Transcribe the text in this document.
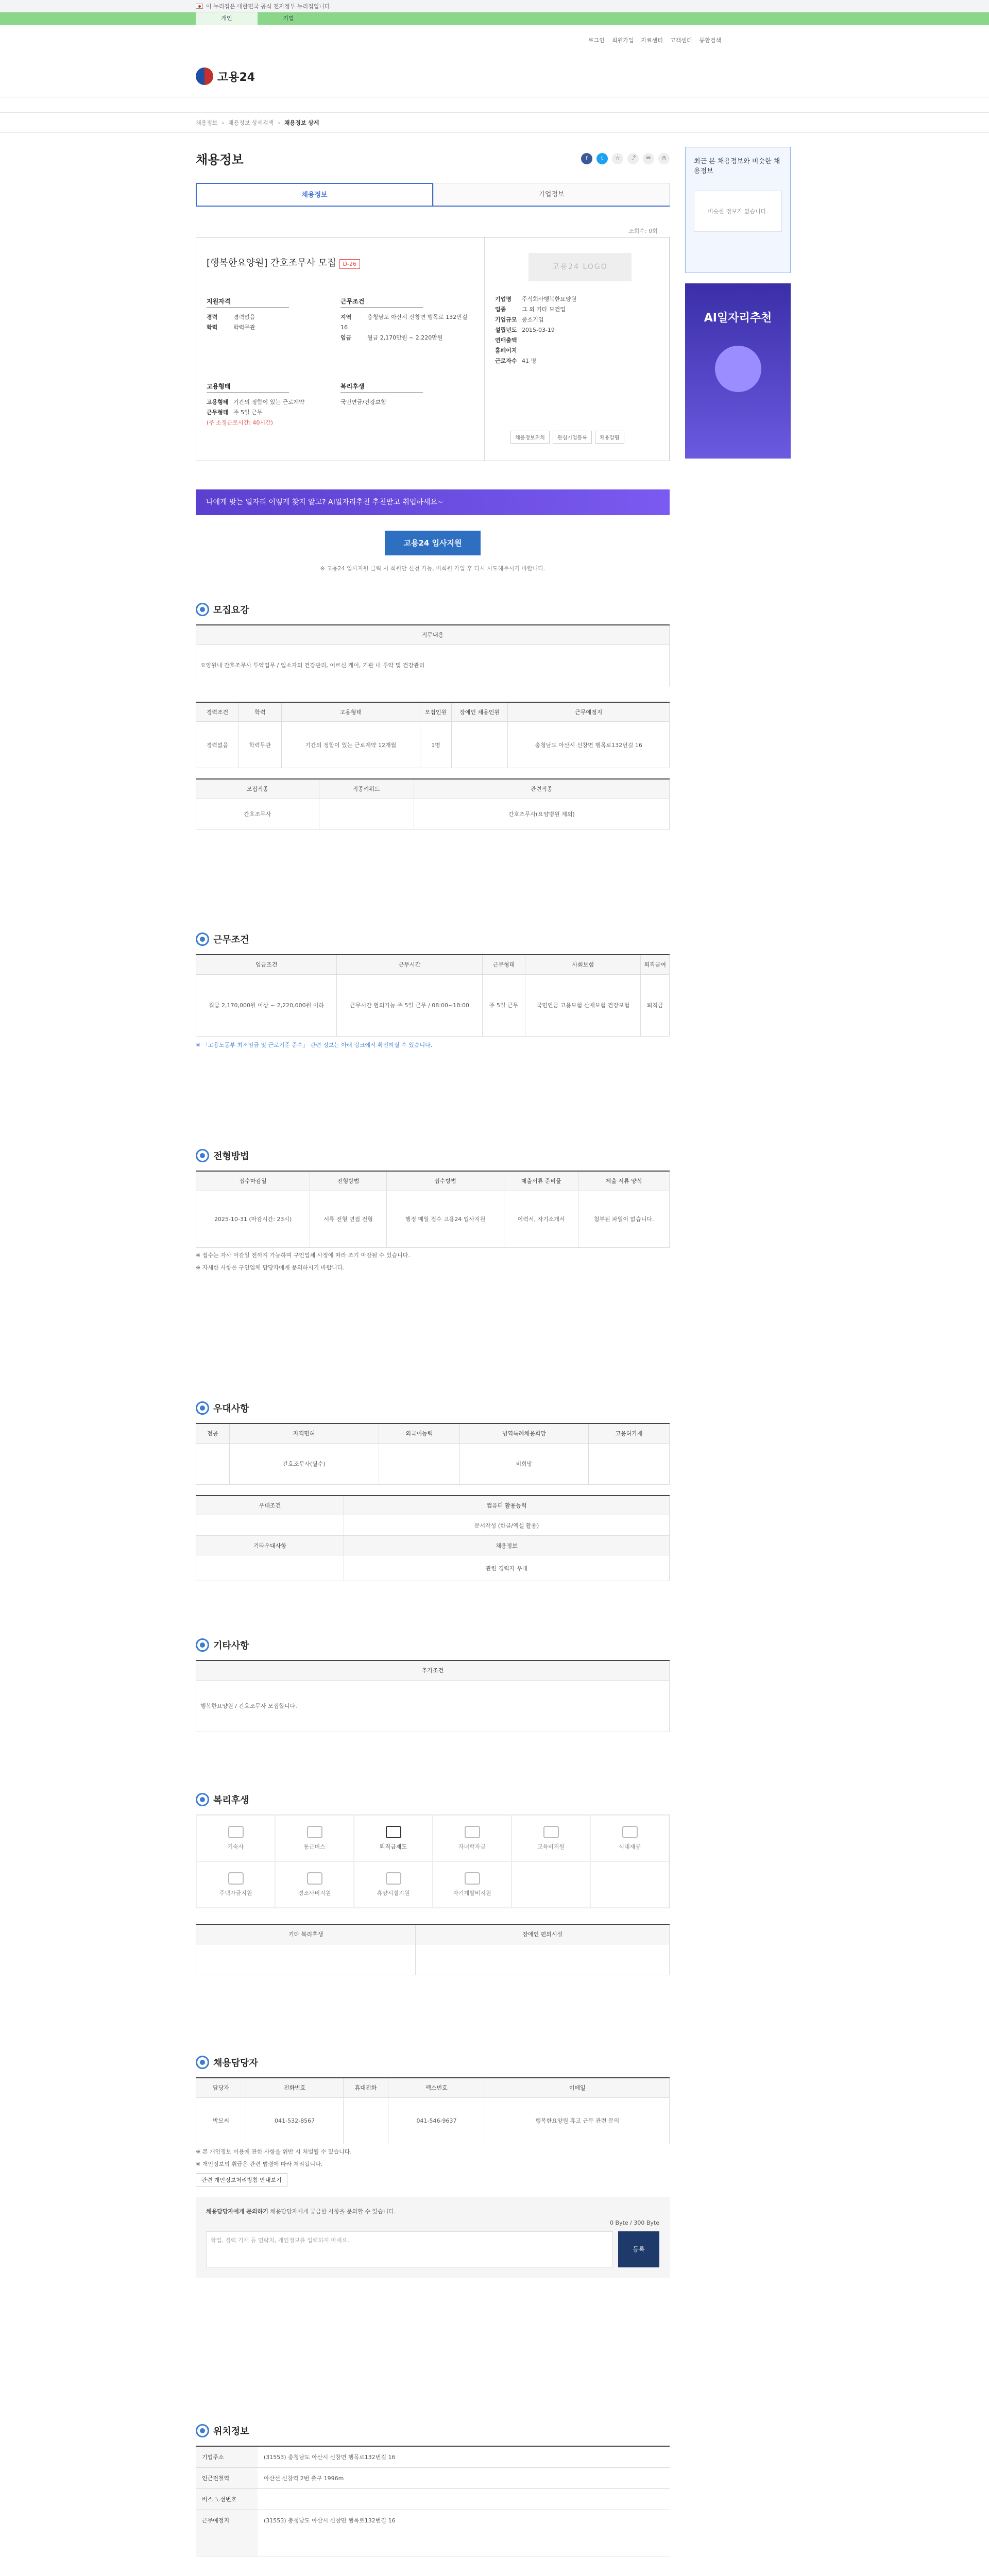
이 누리집은 대한민국 공식 전자정부 누리집입니다.
개인	기업
로그인 회원가입 자료센터 고객센터 통합검색
고용24
채용정보 › 채용정보 상세검색 › 채용정보 상세
채용정보	f	t	☆	⤴	✉	⎙
채용정보	기업정보
조회수: 0회
[행복한요양원] 간호조무사 모집 D-26
지원자격
경력	경력없음
학력	학력무관
근무조건
지역	충청남도 아산시 신창면 행목로 132번길 16
임금	월급 2,170만원 ~ 2,220만원
고용형태
고용형태 기간의 정함이 있는 근로계약
근무형태 주 5일 근무
(주 소정근로시간: 40시간)
복리후생
국민연금/건강보험
고용24 LOGO
기업명 주식회사행복한요양원
업종	그 외 기타 보건업
기업규모 중소기업
설립년도 2015-03-19
연매출액
홈페이지
근로자수 41 명
채용정보위치	관심기업등록	채용알림
나에게 맞는 일자리 어떻게 찾지 알고? AI일자리추천 추천받고 취업하세요~
고용24 입사지원
※ 고용24 입사지원 클릭 시 회원만 신청 가능, 비회원 가입 후 다시 시도해주시기 바랍니다.
최근 본 채용정보와 비슷한 채용정보
비슷한 정보가 없습니다.
AI일자리추천
모집요강
직무내용
요양원내 간호조무사 투약업무 / 입소자의 건강관리, 어르신 케어, 기관 내 투약 및 건강관리
경력조건	학력	고용형태	모집인원	장애인 채용인원	근무예정지
경력없음	학력무관	기간의 정함이 있는 근로계약 12개월	1명		충청남도 아산시 신창면 행목로132번길 16
모집직종	직종키워드	관련직종
간호조무사		간호조무사(요양병원 제외)
근무조건
임금조건	근무시간	근무형태	사회보험	퇴직급여
월급 2,170,000원 이상 ~ 2,220,000원 이하	근무시간 협의가능 주 5일 근무 / 08:00~18:00	주 5일 근무	국민연금 고용보험 산재보험 건강보험	퇴직금
※ 「고용노동부 최저임금 및 근로기준 준수」 관련 정보는 아래 링크에서 확인하실 수 있습니다.
전형방법
접수마감일	전형방법	접수방법	제출서류 준비물	제출 서류 양식
2025-10-31 (마감시간: 23시)	서류 전형 면접 전형	행정 메일 접수 고용24 입사지원	이력서, 자기소개서	첨부된 파일이 없습니다.
※ 접수는 자사 마감일 전까지 가능하며 구인업체 사정에 따라 조기 마감될 수 있습니다.
※ 자세한 사항은 구인업체 담당자에게 문의하시기 바랍니다.
우대사항
전공	자격면허	외국어능력	병역특례채용희망	고용허가제
	간호조무사(필수)		비희망	
우대조건	컴퓨터 활용능력
	문서작성 (한글/엑셀 활용)
기타우대사항	채용정보
	관련 경력자 우대
기타사항
추가조건
행복한요양원 / 간호조무사 모집합니다.
복리후생
기숙사	통근버스	퇴직금제도	자녀학자금	교육비지원	식대제공
주택자금지원	경조사비지원	휴양시설지원	자기계발비지원
기타 복리후생	장애인 편의시설

채용담당자
담당자	전화번호	휴대전화	팩스번호	이메일
박모씨	041-532-8567		041-546-9637	행복한요양원 휴고 근무 관련 문의
※ 본 개인정보 이용에 관한 사항을 위반 시 처벌될 수 있습니다.
※ 개인정보의 취급은 관련 법령에 따라 처리됩니다.
관련 개인정보처리방침 안내보기
채용담당자에게 문의하기 채용담당자에게 궁금한 사항을 문의할 수 있습니다.
0 Byte / 300 Byte
학업, 경력 기재 등 연락처, 개인정보를 입력하지 마세요.
등록
위치정보
기업주소	(31553) 충청남도 아산시 신창면 행목로132번길 16
인근전철역	아산선 신창역 2번 출구 1996m
버스 노선번호
근무예정지	(31553) 충청남도 아산시 신창면 행목로132번길 16
